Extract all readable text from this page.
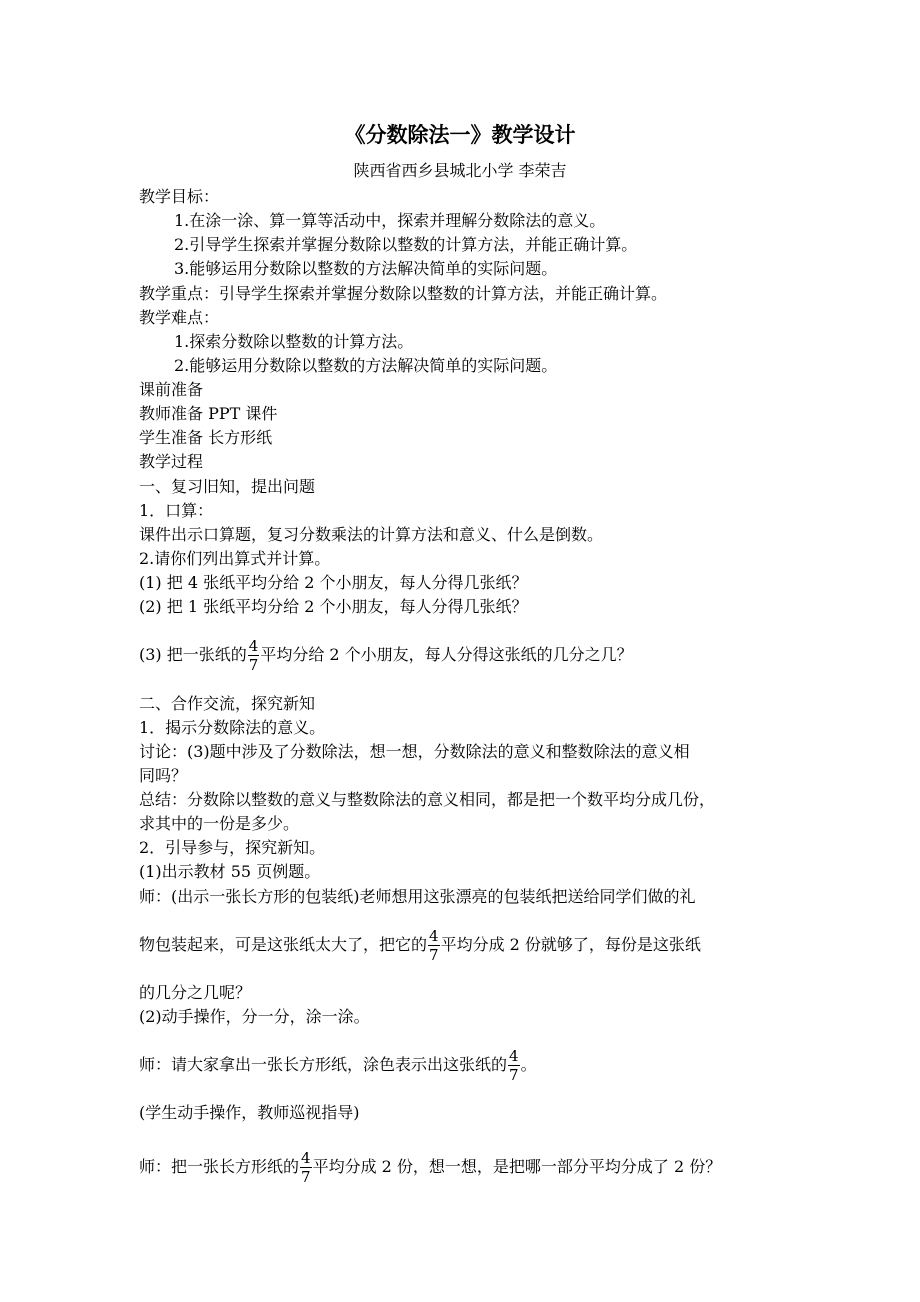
《分数除法一》教学设计
陕西省西乡县城北小学 李荣吉
教学目标：
1.在涂一涂、算一算等活动中，探索并理解分数除法的意义。
2.引导学生探索并掌握分数除以整数的计算方法，并能正确计算。
3.能够运用分数除以整数的方法解决简单的实际问题。
教学重点：引导学生探索并掌握分数除以整数的计算方法，并能正确计算。
教学难点：
1.探索分数除以整数的计算方法。
2.能够运用分数除以整数的方法解决简单的实际问题。
课前准备
教师准备 PPT 课件
学生准备 长方形纸
教学过程
一、复习旧知，提出问题
1．口算：
课件出示口算题，复习分数乘法的计算方法和意义、什么是倒数。
2.请你们列出算式并计算。
(1) 把 4 张纸平均分给 2 个小朋友，每人分得几张纸？
(2) 把 1 张纸平均分给 2 个小朋友，每人分得几张纸？
(3) 把一张纸的 $\frac{4}{7}$ 平均分给 2 个小朋友，每人分得这张纸的几分之几？
二、合作交流，探究新知
1．揭示分数除法的意义。
讨论：(3)题中涉及了分数除法，想一想，分数除法的意义和整数除法的意义相
同吗？
总结：分数除以整数的意义与整数除法的意义相同，都是把一个数平均分成几份，
求其中的一份是多少。
2．引导参与，探究新知。
(1)出示教材 55 页例题。
师：(出示一张长方形的包装纸)老师想用这张漂亮的包装纸把送给同学们做的礼
物包装起来，可是这张纸太大了，把它的 $\frac{4}{7}$ 平均分成 2 份就够了，每份是这张纸
的几分之几呢？
(2)动手操作，分一分，涂一涂。
师：请大家拿出一张长方形纸，涂色表示出这张纸的 $\frac{4}{7}$ 。
(学生动手操作，教师巡视指导)
师：把一张长方形纸的 $\frac{4}{7}$ 平均分成 2 份，想一想，是把哪一部分平均分成了 2 份？
